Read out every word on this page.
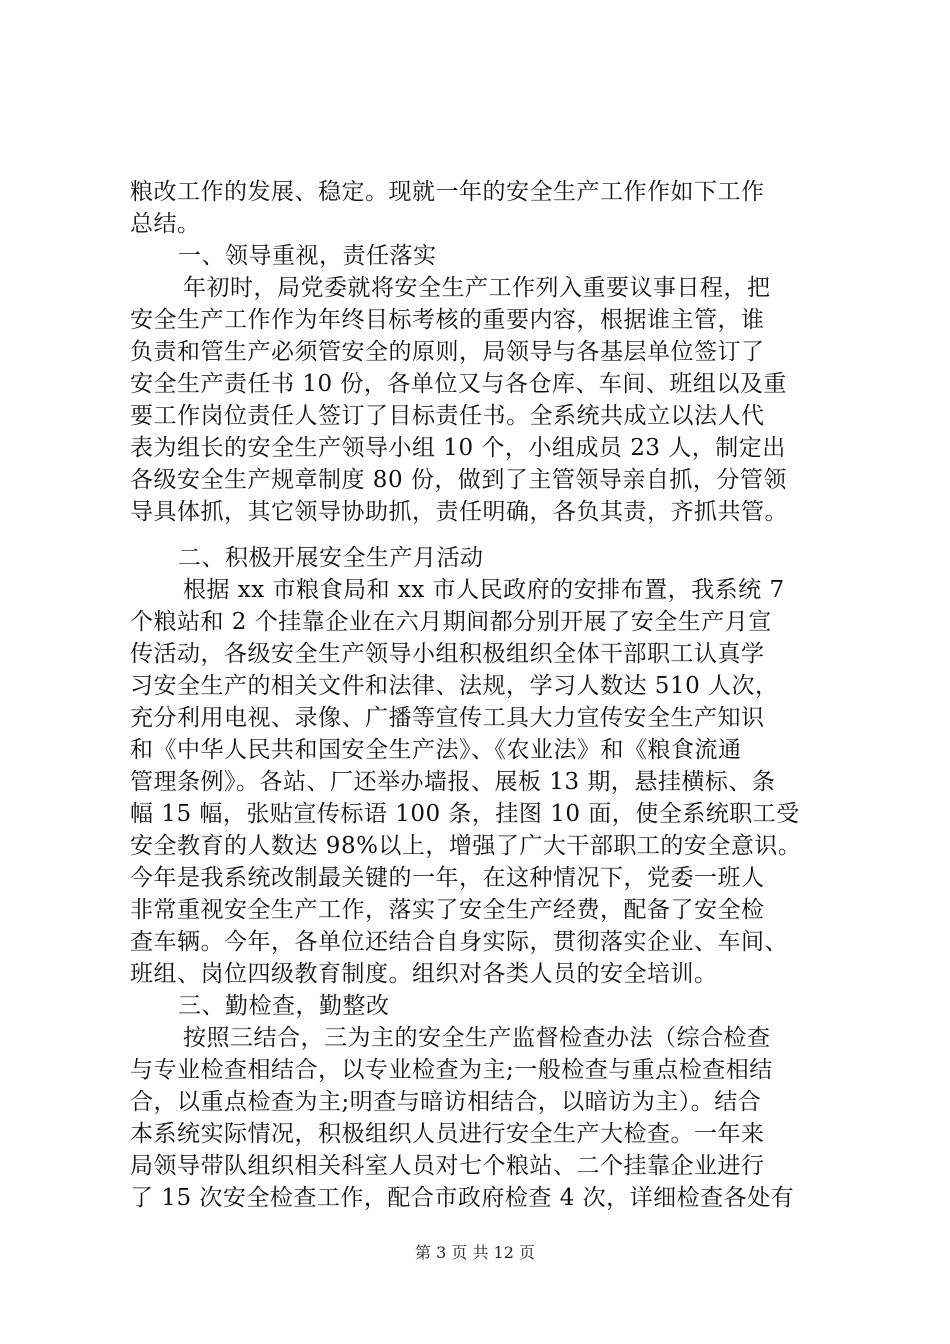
粮改工作的发展、稳定。现就一年的安全生产工作作如下工作
总结。
一、领导重视，责任落实
年初时，局党委就将安全生产工作列入重要议事日程，把
安全生产工作作为年终目标考核的重要内容，根据谁主管，谁
负责和管生产必须管安全的原则，局领导与各基层单位签订了
安全生产责任书 10 份，各单位又与各仓库、车间、班组以及重
要工作岗位责任人签订了目标责任书。全系统共成立以法人代
表为组长的安全生产领导小组 10 个，小组成员 23 人，制定出
各级安全生产规章制度 80 份，做到了主管领导亲自抓，分管领
导具体抓，其它领导协助抓，责任明确，各负其责，齐抓共管。
二、积极开展安全生产月活动
根据 xx 市粮食局和 xx 市人民政府的安排布置，我系统 7
个粮站和 2 个挂靠企业在六月期间都分别开展了安全生产月宣
传活动，各级安全生产领导小组积极组织全体干部职工认真学
习安全生产的相关文件和法律、法规，学习人数达 510 人次，
充分利用电视、录像、广播等宣传工具大力宣传安全生产知识
和《中华人民共和国安全生产法》、《农业法》和《粮食流通
管理条例》。各站、厂还举办墙报、展板 13 期，悬挂横标、条
幅 15 幅，张贴宣传标语 100 条，挂图 10 面，使全系统职工受
安全教育的人数达 98%以上，增强了广大干部职工的安全意识。
今年是我系统改制最关键的一年，在这种情况下，党委一班人
非常重视安全生产工作，落实了安全生产经费，配备了安全检
查车辆。今年，各单位还结合自身实际，贯彻落实企业、车间、
班组、岗位四级教育制度。组织对各类人员的安全培训。
三、勤检查，勤整改
按照三结合，三为主的安全生产监督检查办法（综合检查
与专业检查相结合，以专业检查为主;一般检查与重点检查相结
合，以重点检查为主;明查与暗访相结合，以暗访为主）。结合
本系统实际情况，积极组织人员进行安全生产大检查。一年来
局领导带队组织相关科室人员对七个粮站、二个挂靠企业进行
了 15 次安全检查工作，配合市政府检查 4 次，详细检查各处有
第 3 页 共 12 页
